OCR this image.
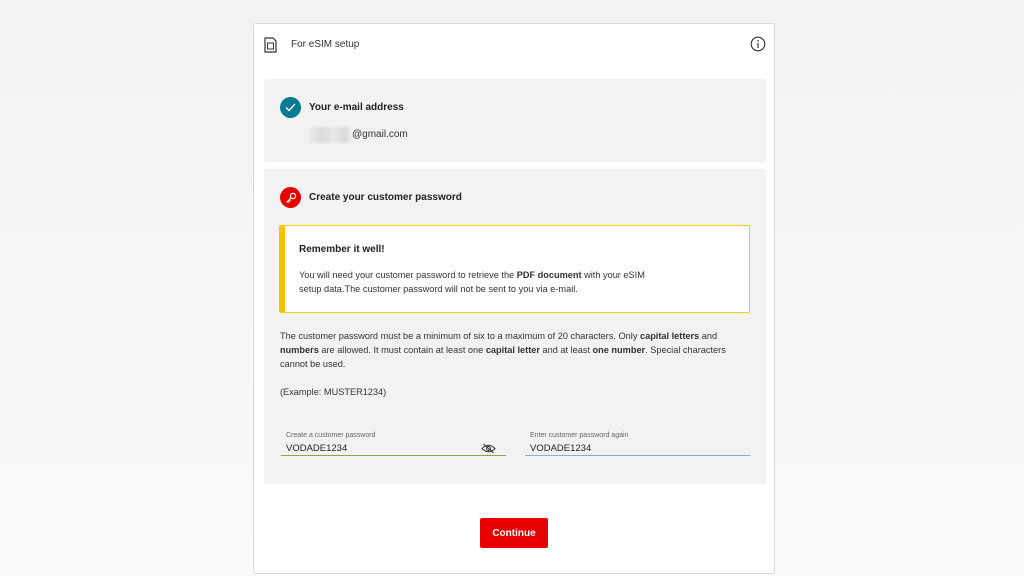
For eSIM setup
Your e-mail address
@gmail.com
Create your customer password
Remember it well!
You will need your customer password to retrieve the PDF document with your eSIM setup data.The customer password will not be sent to you via e-mail.
The customer password must be a minimum of six to a maximum of 20 characters. Only capital letters and numbers are allowed. It must contain at least one capital letter and at least one number. Special characters cannot be used.
(Example: MUSTER1234)
Create a customer password
VODADE1234	Enter customer password again
VODADE1234
Continue
